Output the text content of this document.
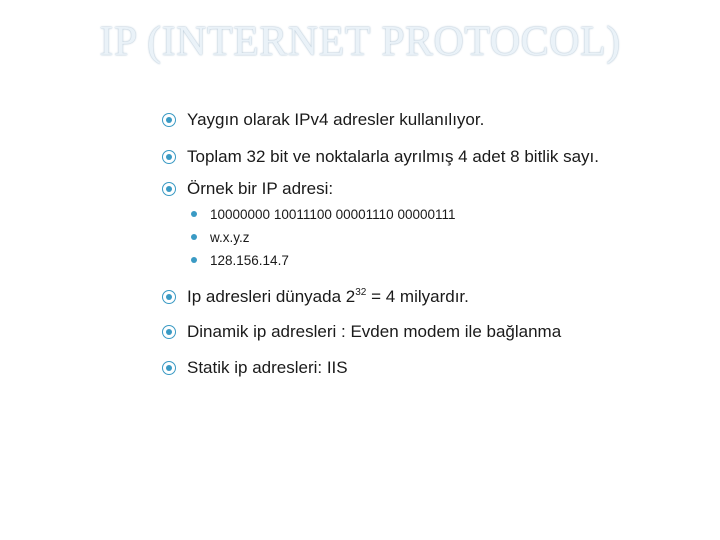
IP (INTERNET PROTOCOL)
Yaygın olarak IPv4 adresler kullanılıyor.
Toplam 32 bit ve noktalarla ayrılmış 4 adet 8 bitlik sayı.
Örnek bir IP adresi:
10000000 10011100 00001110 00000111
w.x.y.z
128.156.14.7
Ip adresleri dünyada $2^{32} = 4$ milyardır.
Dinamik ip adresleri : Evden modem ile bağlanma
Statik ip adresleri: IIS
